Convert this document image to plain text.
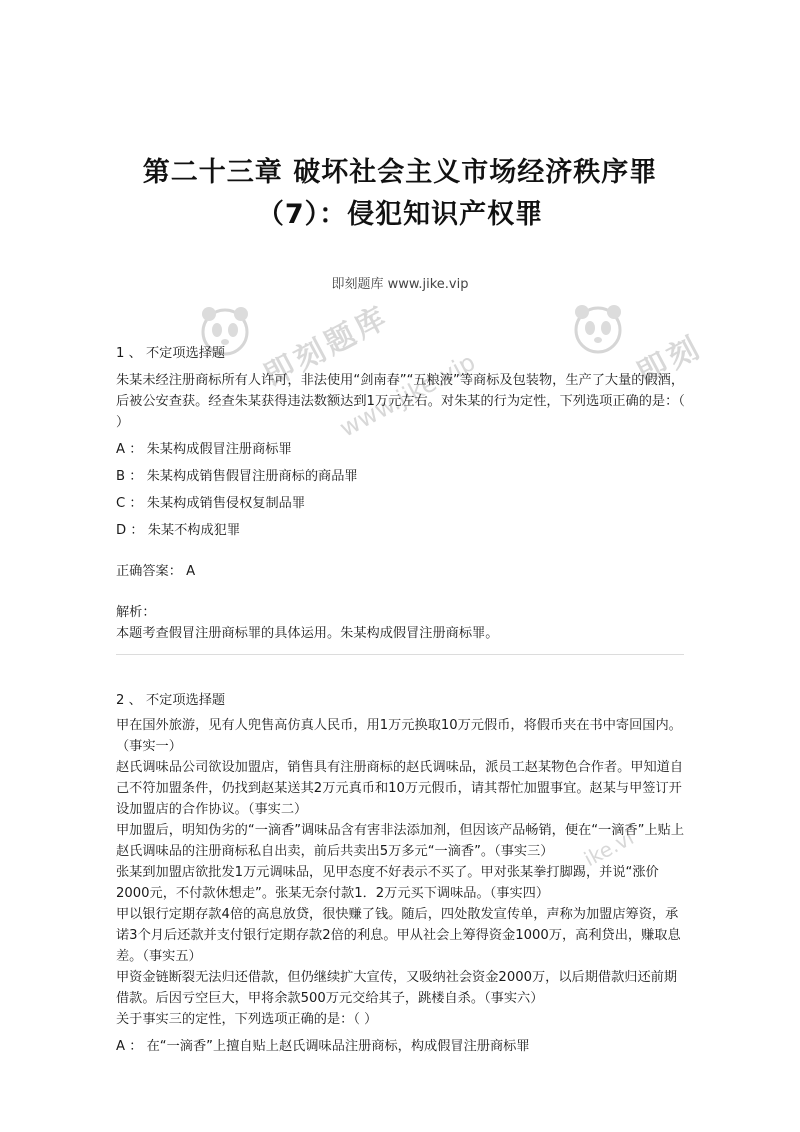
即刻题库
www.jike.vip	即刻
ike.vi
第二十三章 破坏社会主义市场经济秩序罪
（7）：侵犯知识产权罪
即刻题库 www.jike.vip

1 、 不定项选择题

朱某未经注册商标所有人许可，非法使用“剑南春”“五粮液”等商标及包装物，生产了大量的假酒，后被公安查获。经查朱某获得违法数额达到1万元左右。对朱某的行为定性，下列选项正确的是：（ ）

A ： 朱某构成假冒注册商标罪

B ： 朱某构成销售假冒注册商标的商品罪

C ： 朱某构成销售侵权复制品罪

D ： 朱某不构成犯罪

正确答案： A

解析：

本题考查假冒注册商标罪的具体运用。朱某构成假冒注册商标罪。

2 、 不定项选择题

甲在国外旅游，见有人兜售高仿真人民币，用1万元换取10万元假币，将假币夹在书中寄回国内。（事实一）

赵氏调味品公司欲设加盟店，销售具有注册商标的赵氏调味品，派员工赵某物色合作者。甲知道自己不符加盟条件，仍找到赵某送其2万元真币和10万元假币，请其帮忙加盟事宜。赵某与甲签订开设加盟店的合作协议。（事实二）

甲加盟后，明知伪劣的“一滴香”调味品含有害非法添加剂，但因该产品畅销，便在“一滴香”上贴上赵氏调味品的注册商标私自出卖，前后共卖出5万多元“一滴香”。（事实三）

张某到加盟店欲批发1万元调味品，见甲态度不好表示不买了。甲对张某拳打脚踢，并说“涨价2000元，不付款休想走”。张某无奈付款1．2万元买下调味品。（事实四）

甲以银行定期存款4倍的高息放贷，很快赚了钱。随后，四处散发宣传单，声称为加盟店筹资，承诺3个月后还款并支付银行定期存款2倍的利息。甲从社会上筹得资金1000万，高利贷出，赚取息差。（事实五）

甲资金链断裂无法归还借款，但仍继续扩大宣传，又吸纳社会资金2000万，以后期借款归还前期借款。后因亏空巨大，甲将余款500万元交给其子，跳楼自杀。（事实六）

关于事实三的定性，下列选项正确的是：（ ）

A ： 在“一滴香”上擅自贴上赵氏调味品注册商标，构成假冒注册商标罪
